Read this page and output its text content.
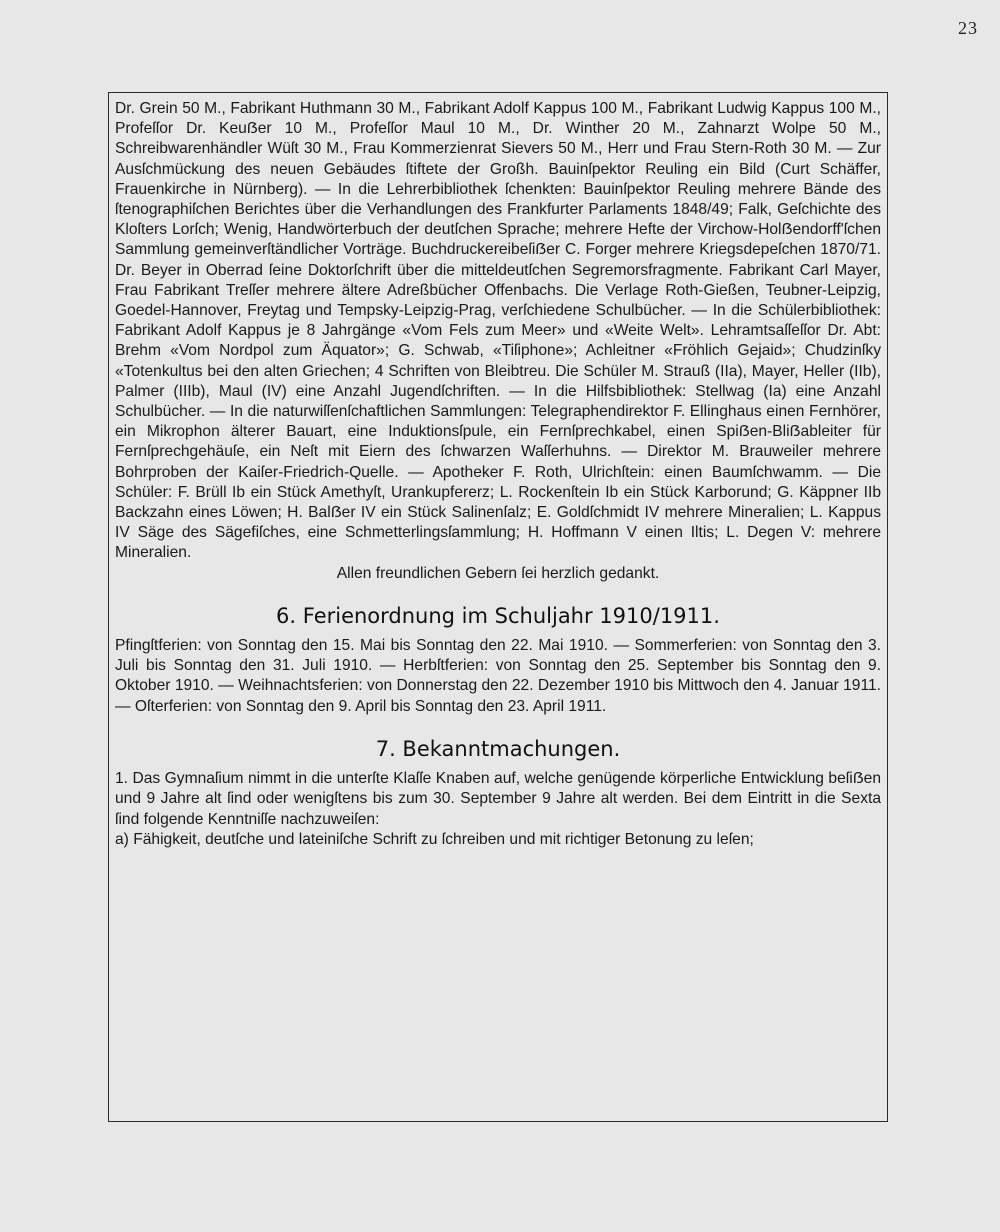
23

Dr. Grein 50 M., Fabrikant Huthmann 30 M., Fabrikant Adolf Kappus 100 M., Fabrikant Ludwig Kappus 100 M., Profeſſor Dr. Keuẞer 10 M., Profeſſor Maul 10 M., Dr. Winther 20 M., Zahnarzt Wolpe 50 M., Schreibwarenhändler Wüſt 30 M., Frau Kommerzienrat Sievers 50 M., Herr und Frau Stern-Roth 30 M. — Zur Ausſchmückung des neuen Gebäudes ſtiftete der Großh. Bauinſpektor Reuling ein Bild (Curt Schäffer, Frauenkirche in Nürnberg). — In die Lehrerbibliothek ſchenkten: Bauinſpektor Reuling mehrere Bände des ſtenographiſchen Berichtes über die Verhandlungen des Frankfurter Parlaments 1848/49; Falk, Geſchichte des Kloſters Lorſch; Wenig, Handwörterbuch der deutſchen Sprache; mehrere Hefte der Virchow-Holẞendorff'ſchen Sammlung gemeinverſtändlicher Vorträge. Buchdruckereibeſiẞer C. Forger mehrere Kriegsdepeſchen 1870/71. Dr. Beyer in Oberrad ſeine Doktorſchrift über die mitteldeutſchen Segremorsfragmente. Fabrikant Carl Mayer, Frau Fabrikant Treſſer mehrere ältere Adreßbücher Offenbachs. Die Verlage Roth-Gießen, Teubner-Leipzig, Goedel-Hannover, Freytag und Tempsky-Leipzig-Prag, verſchiedene Schulbücher. — In die Schülerbibliothek: Fabrikant Adolf Kappus je 8 Jahrgänge «Vom Fels zum Meer» und «Weite Welt». Lehramtsaſſeſſor Dr. Abt: Brehm «Vom Nordpol zum Äquator»; G. Schwab, «Tiſiphone»; Achleitner «Fröhlich Gejaid»; Chudzinſky «Totenkultus bei den alten Griechen; 4 Schriften von Bleibtreu. Die Schüler M. Strauß (IIa), Mayer, Heller (IIb), Palmer (IIIb), Maul (IV) eine Anzahl Jugendſchriften. — In die Hilfsbibliothek: Stellwag (Ia) eine Anzahl Schulbücher. — In die naturwiſſenſchaftlichen Sammlungen: Telegraphendirektor F. Ellinghaus einen Fernhörer, ein Mikrophon älterer Bauart, eine Induktionsſpule, ein Fernſprechkabel, einen Spiẞen-Bliẞableiter für Fernſprechgehäuſe, ein Neſt mit Eiern des ſchwarzen Waſſerhuhns. — Direktor M. Brauweiler mehrere Bohrproben der Kaiſer-Friedrich-Quelle. — Apotheker F. Roth, Ulrichſtein: einen Baumſchwamm. — Die Schüler: F. Brüll Ib ein Stück Amethyſt, Urankupfererz; L. Rockenſtein Ib ein Stück Karborund; G. Käppner IIb Backzahn eines Löwen; H. Balẞer IV ein Stück Salinenſalz; E. Goldſchmidt IV mehrere Mineralien; L. Kappus IV Säge des Sägefiſches, eine Schmetterlingsſammlung; H. Hoffmann V einen Iltis; L. Degen V: mehrere Mineralien.

Allen freundlichen Gebern ſei herzlich gedankt.

6. Ferienordnung im Schuljahr 1910/1911.

Pfingſtferien: von Sonntag den 15. Mai bis Sonntag den 22. Mai 1910. — Sommerferien: von Sonntag den 3. Juli bis Sonntag den 31. Juli 1910. — Herbſtferien: von Sonntag den 25. September bis Sonntag den 9. Oktober 1910. — Weihnachtsferien: von Donnerstag den 22. Dezember 1910 bis Mittwoch den 4. Januar 1911. — Oſterferien: von Sonntag den 9. April bis Sonntag den 23. April 1911.

7. Bekanntmachungen.

1. Das Gymnaſium nimmt in die unterſte Klaſſe Knaben auf, welche genügende körperliche Entwicklung beſiẞen und 9 Jahre alt ſind oder wenigſtens bis zum 30. September 9 Jahre alt werden. Bei dem Eintritt in die Sexta ſind folgende Kenntniſſe nachzuweiſen:

a) Fähigkeit, deutſche und lateiniſche Schrift zu ſchreiben und mit richtiger Betonung zu leſen;
